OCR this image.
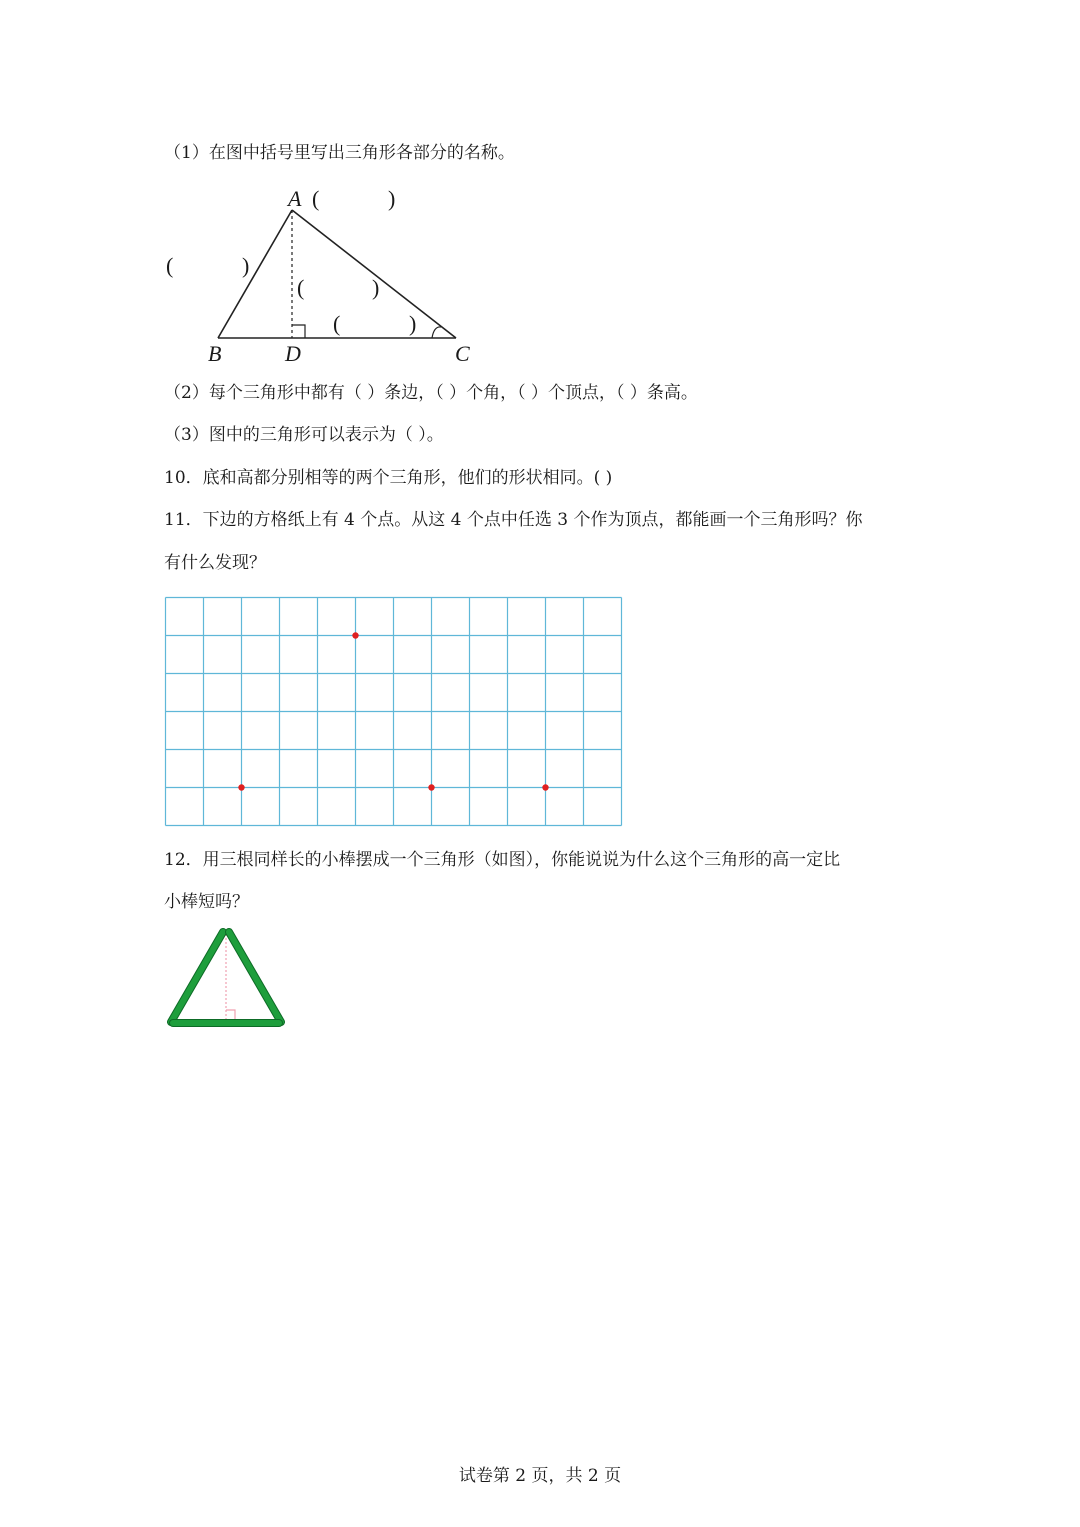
（1）在图中括号里写出三角形各部分的名称。
A (	)
(	)
(	)
(	)
B	D	C
（2）每个三角形中都有（ ）条边，（ ）个角，（ ）个顶点，（ ）条高。
（3）图中的三角形可以表示为（ ）。
10．底和高都分别相等的两个三角形，他们的形状相同。( )
11．下边的方格纸上有 4 个点。从这 4 个点中任选 3 个作为顶点，都能画一个三角形吗？你
有什么发现？
12．用三根同样长的小棒摆成一个三角形（如图），你能说说为什么这个三角形的高一定比
小棒短吗？
试卷第 2 页，共 2 页
